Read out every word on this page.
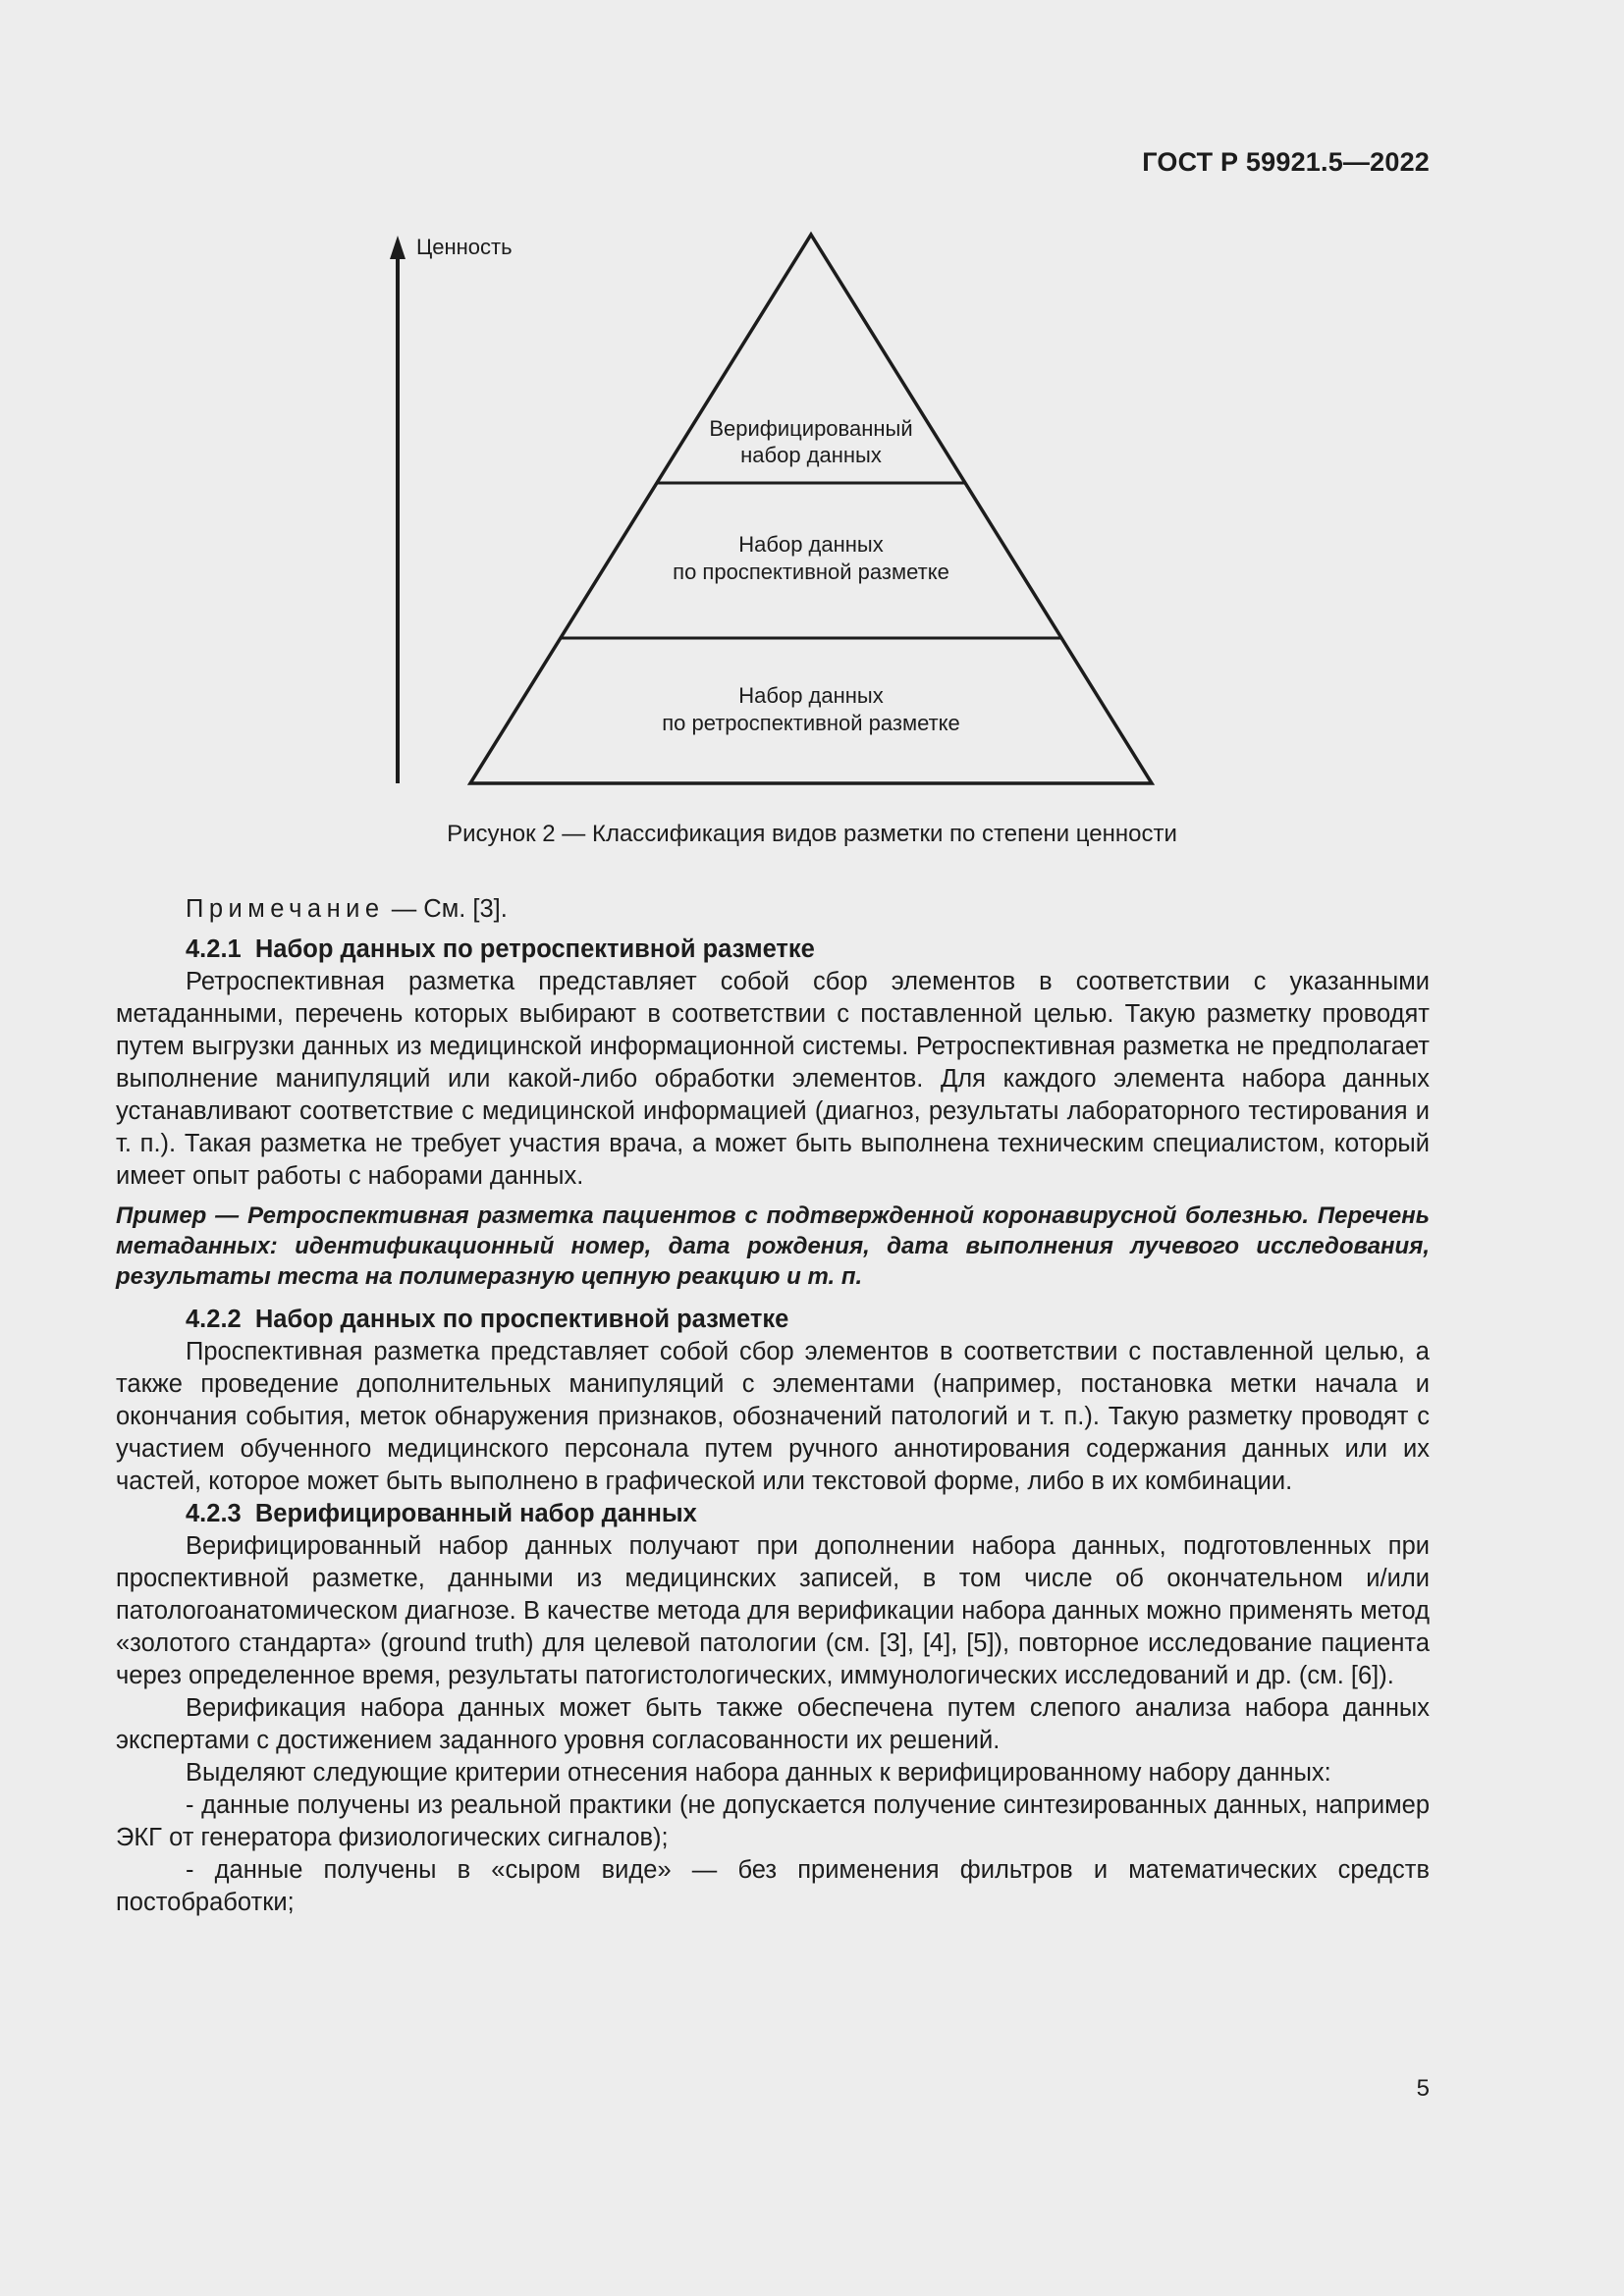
ГОСТ Р 59921.5—2022
Ценность
Верифицированный
набор данных
Набор данных
по проспективной разметке
Набор данных
по ретроспективной разметке
Рисунок 2 — Классификация видов разметки по степени ценности

Примечание — См. [3].

4.2.1 Набор данных по ретроспективной разметке

Ретроспективная разметка представляет собой сбор элементов в соответствии с указанными метаданными, перечень которых выбирают в соответствии с поставленной целью. Такую разметку проводят путем выгрузки данных из медицинской информационной системы. Ретроспективная разметка не предполагает выполнение манипуляций или какой-либо обработки элементов. Для каждого элемента набора данных устанавливают соответствие с медицинской информацией (диагноз, результаты лабораторного тестирования и т. п.). Такая разметка не требует участия врача, а может быть выполнена техническим специалистом, который имеет опыт работы с наборами данных.

Пример — Ретроспективная разметка пациентов с подтвержденной коронавирусной болезнью. Перечень метаданных: идентификационный номер, дата рождения, дата выполнения лучевого исследования, результаты теста на полимеразную цепную реакцию и т. п.

4.2.2 Набор данных по проспективной разметке

Проспективная разметка представляет собой сбор элементов в соответствии с поставленной целью, а также проведение дополнительных манипуляций с элементами (например, постановка метки начала и окончания события, меток обнаружения признаков, обозначений патологий и т. п.). Такую разметку проводят с участием обученного медицинского персонала путем ручного аннотирования содержания данных или их частей, которое может быть выполнено в графической или текстовой форме, либо в их комбинации.

4.2.3 Верифицированный набор данных

Верифицированный набор данных получают при дополнении набора данных, подготовленных при проспективной разметке, данными из медицинских записей, в том числе об окончательном и/или патологоанатомическом диагнозе. В качестве метода для верификации набора данных можно применять метод «золотого стандарта» (ground truth) для целевой патологии (см. [3], [4], [5]), повторное исследование пациента через определенное время, результаты патогистологических, иммунологических исследований и др. (см. [6]).

Верификация набора данных может быть также обеспечена путем слепого анализа набора данных экспертами с достижением заданного уровня согласованности их решений.

Выделяют следующие критерии отнесения набора данных к верифицированному набору данных:

- данные получены из реальной практики (не допускается получение синтезированных данных, например ЭКГ от генератора физиологических сигналов);

- данные получены в «сыром виде» — без применения фильтров и математических средств постобработки;

5
